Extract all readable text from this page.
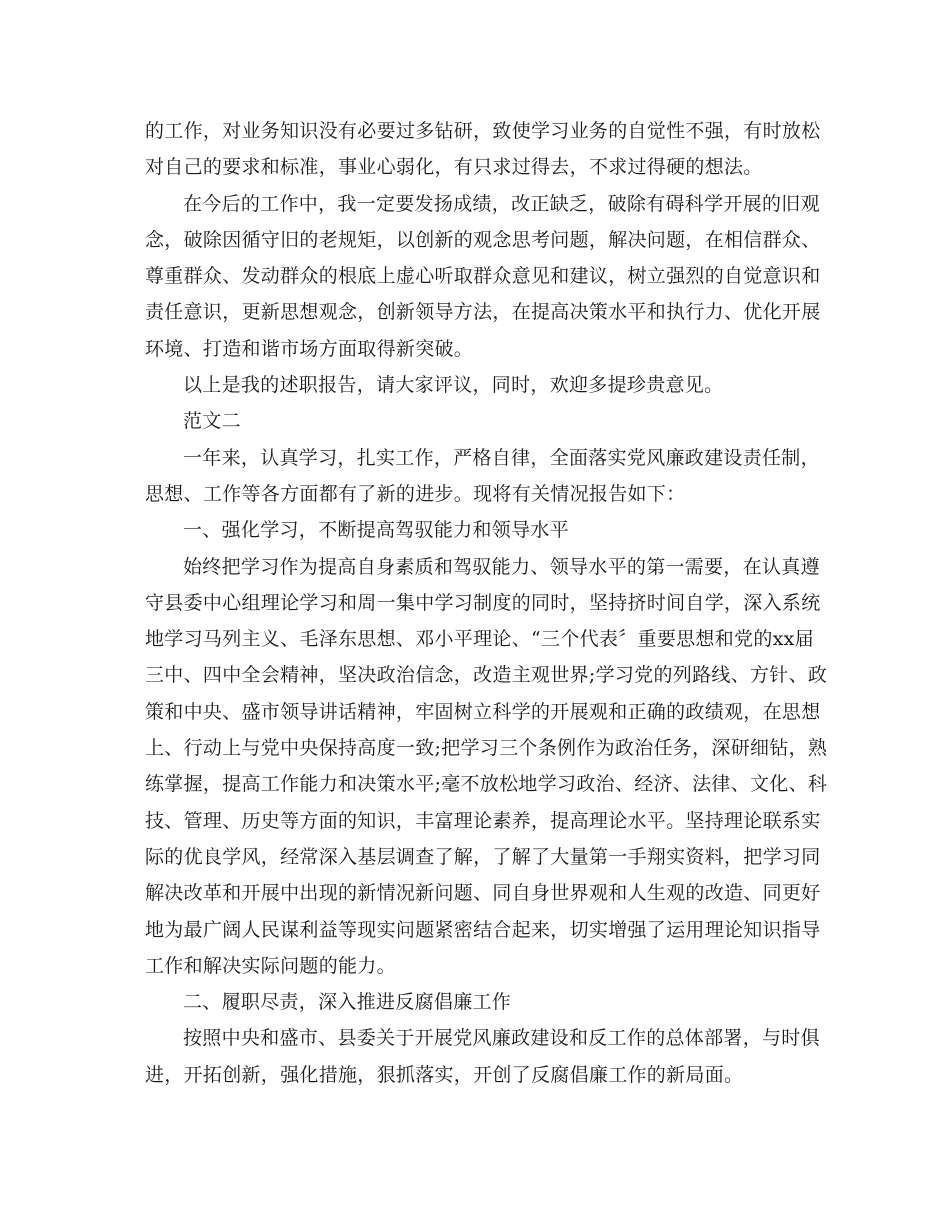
的工作，对业务知识没有必要过多钻研，致使学习业务的自觉性不强，有时放松
对自己的要求和标准，事业心弱化，有只求过得去，不求过得硬的想法。
在今后的工作中，我一定要发扬成绩，改正缺乏，破除有碍科学开展的旧观
念，破除因循守旧的老规矩，以创新的观念思考问题，解决问题，在相信群众、
尊重群众、发动群众的根底上虚心听取群众意见和建议，树立强烈的自觉意识和
责任意识，更新思想观念，创新领导方法，在提高决策水平和执行力、优化开展
环境、打造和谐市场方面取得新突破。
以上是我的述职报告，请大家评议，同时，欢迎多提珍贵意见。
范文二
一年来，认真学习，扎实工作，严格自律，全面落实党风廉政建设责任制，
思想、工作等各方面都有了新的进步。现将有关情况报告如下：
一、强化学习，不断提高驾驭能力和领导水平
始终把学习作为提高自身素质和驾驭能力、领导水平的第一需要，在认真遵
守县委中心组理论学习和周一集中学习制度的同时，坚持挤时间自学，深入系统
地学习马列主义、毛泽东思想、邓小平理论、“三个代表〞重要思想和党的xx届
三中、四中全会精神，坚决政治信念，改造主观世界;学习党的列路线、方针、政
策和中央、盛市领导讲话精神，牢固树立科学的开展观和正确的政绩观，在思想
上、行动上与党中央保持高度一致;把学习三个条例作为政治任务，深研细钻，熟
练掌握，提高工作能力和决策水平;毫不放松地学习政治、经济、法律、文化、科
技、管理、历史等方面的知识，丰富理论素养，提高理论水平。坚持理论联系实
际的优良学风，经常深入基层调查了解，了解了大量第一手翔实资料，把学习同
解决改革和开展中出现的新情况新问题、同自身世界观和人生观的改造、同更好
地为最广阔人民谋利益等现实问题紧密结合起来，切实增强了运用理论知识指导
工作和解决实际问题的能力。
二、履职尽责，深入推进反腐倡廉工作
按照中央和盛市、县委关于开展党风廉政建设和反工作的总体部署，与时俱
进，开拓创新，强化措施，狠抓落实，开创了反腐倡廉工作的新局面。
